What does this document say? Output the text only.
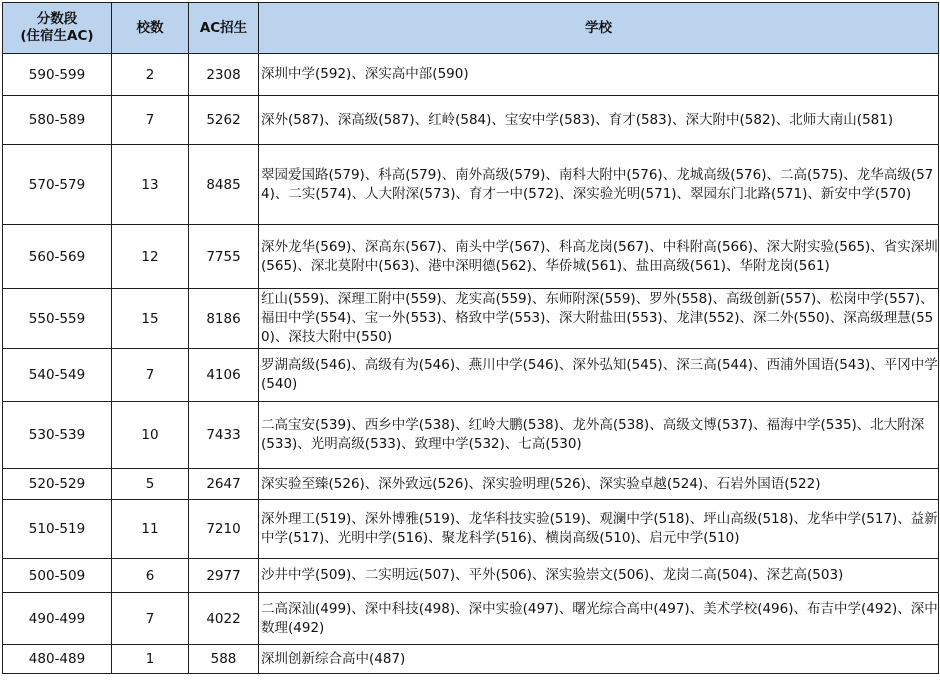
分数段
(住宿生AC)	校数	AC招生	学校
590-599	2	2308	深圳中学(592)、深实高中部(590)
580-589	7	5262	深外(587)、深高级(587)、红岭(584)、宝安中学(583)、育才(583)、深大附中(582)、北师大南山(581)
570-579	13	8485	翠园爱国路(579)、科高(579)、南外高级(579)、南科大附中(576)、龙城高级(576)、二高(575)、龙华高级(574)、二实(574)、人大附深(573)、育才一中(572)、深实验光明(571)、翠园东门北路(571)、新安中学(570)
560-569	12	7755	深外龙华(569)、深高东(567)、南头中学(567)、科高龙岗(567)、中科附高(566)、深大附实验(565)、省实深圳(565)、深北莫附中(563)、港中深明德(562)、华侨城(561)、盐田高级(561)、华附龙岗(561)
550-559	15	8186	红山(559)、深理工附中(559)、龙实高(559)、东师附深(559)、罗外(558)、高级创新(557)、松岗中学(557)、福田中学(554)、宝一外(553)、格致中学(553)、深大附盐田(553)、龙津(552)、深二外(550)、深高级理慧(550)、深技大附中(550)
540-549	7	4106	罗湖高级(546)、高级有为(546)、燕川中学(546)、深外弘知(545)、深三高(544)、西浦外国语(543)、平冈中学(540)
530-539	10	7433	二高宝安(539)、西乡中学(538)、红岭大鹏(538)、龙外高(538)、高级文博(537)、福海中学(535)、北大附深(533)、光明高级(533)、致理中学(532)、七高(530)
520-529	5	2647	深实验至臻(526)、深外致远(526)、深实验明理(526)、深实验卓越(524)、石岩外国语(522)
510-519	11	7210	深外理工(519)、深外博雅(519)、龙华科技实验(519)、观澜中学(518)、坪山高级(518)、龙华中学(517)、益新中学(517)、光明中学(516)、聚龙科学(516)、横岗高级(510)、启元中学(510)
500-509	6	2977	沙井中学(509)、二实明远(507)、平外(506)、深实验崇文(506)、龙岗二高(504)、深艺高(503)
490-499	7	4022	二高深汕(499)、深中科技(498)、深中实验(497)、曙光综合高中(497)、美术学校(496)、布吉中学(492)、深中数理(492)
480-489	1	588	深圳创新综合高中(487)
